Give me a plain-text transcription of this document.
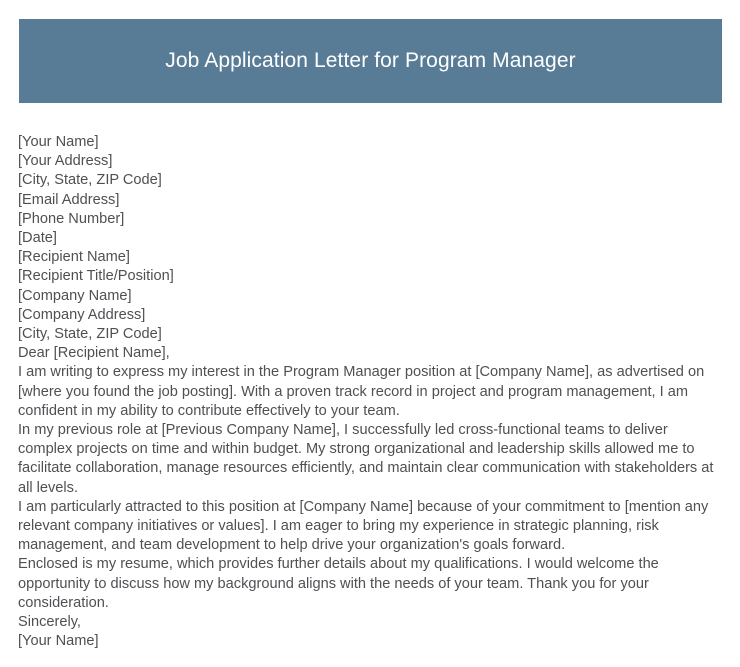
Job Application Letter for Program Manager
[Your Name]
[Your Address]
[City, State, ZIP Code]
[Email Address]
[Phone Number]
[Date]
[Recipient Name]
[Recipient Title/Position]
[Company Name]
[Company Address]
[City, State, ZIP Code]
Dear [Recipient Name],

I am writing to express my interest in the Program Manager position at [Company Name], as advertised on [where you found the job posting]. With a proven track record in project and program management, I am confident in my ability to contribute effectively to your team.

In my previous role at [Previous Company Name], I successfully led cross-functional teams to deliver complex projects on time and within budget. My strong organizational and leadership skills allowed me to facilitate collaboration, manage resources efficiently, and maintain clear communication with stakeholders at all levels.

I am particularly attracted to this position at [Company Name] because of your commitment to [mention any relevant company initiatives or values]. I am eager to bring my experience in strategic planning, risk management, and team development to help drive your organization's goals forward.

Enclosed is my resume, which provides further details about my qualifications. I would welcome the opportunity to discuss how my background aligns with the needs of your team. Thank you for your consideration.

Sincerely,
[Your Name]
